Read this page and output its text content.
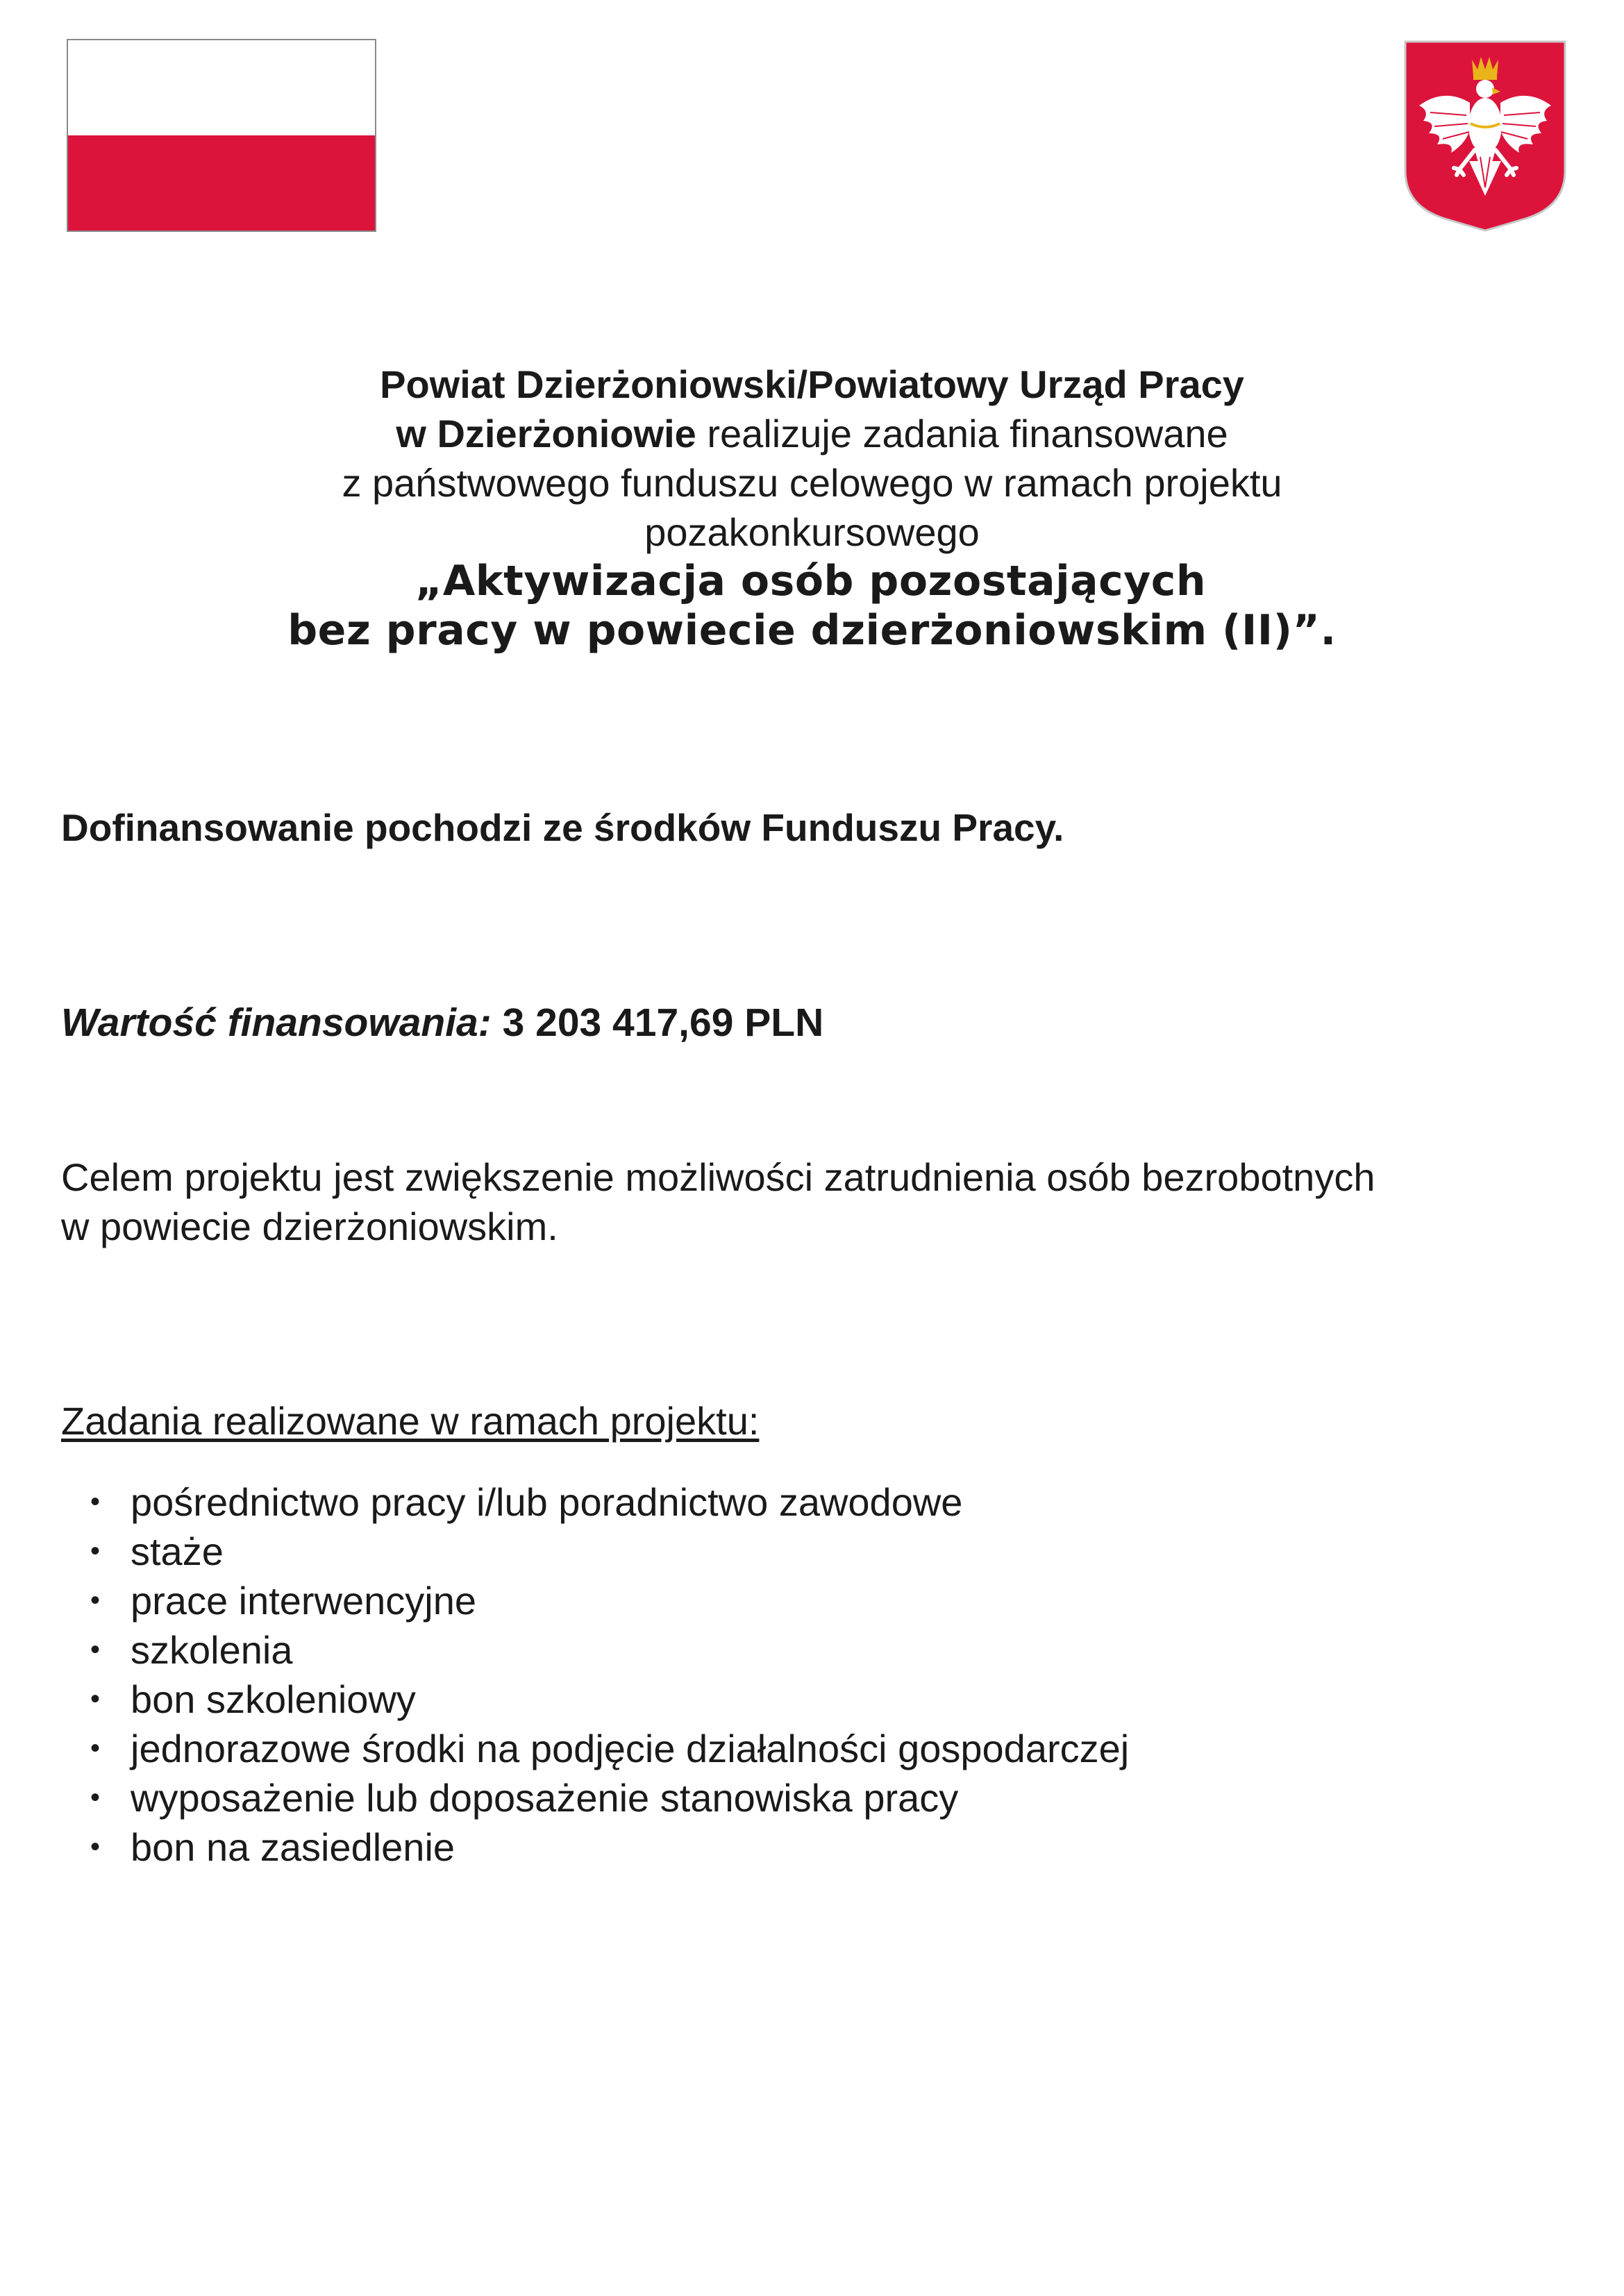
Powiat Dzierżoniowski/Powiatowy Urząd Pracy
w Dzierżoniowie realizuje zadania finansowane
z państwowego funduszu celowego w ramach projektu
pozakonkursowego
„Aktywizacja osób pozostających
bez pracy w powiecie dzierżoniowskim (II)”.
Dofinansowanie pochodzi ze środków Funduszu Pracy.
Wartość finansowania: 3 203 417,69 PLN
Celem projektu jest zwiększenie możliwości zatrudnienia osób bezrobotnych
w powiecie dzierżoniowskim.
Zadania realizowane w ramach projektu:
• pośrednictwo pracy i/lub poradnictwo zawodowe
• staże
• prace interwencyjne
• szkolenia
• bon szkoleniowy
• jednorazowe środki na podjęcie działalności gospodarczej
• wyposażenie lub doposażenie stanowiska pracy
• bon na zasiedlenie
